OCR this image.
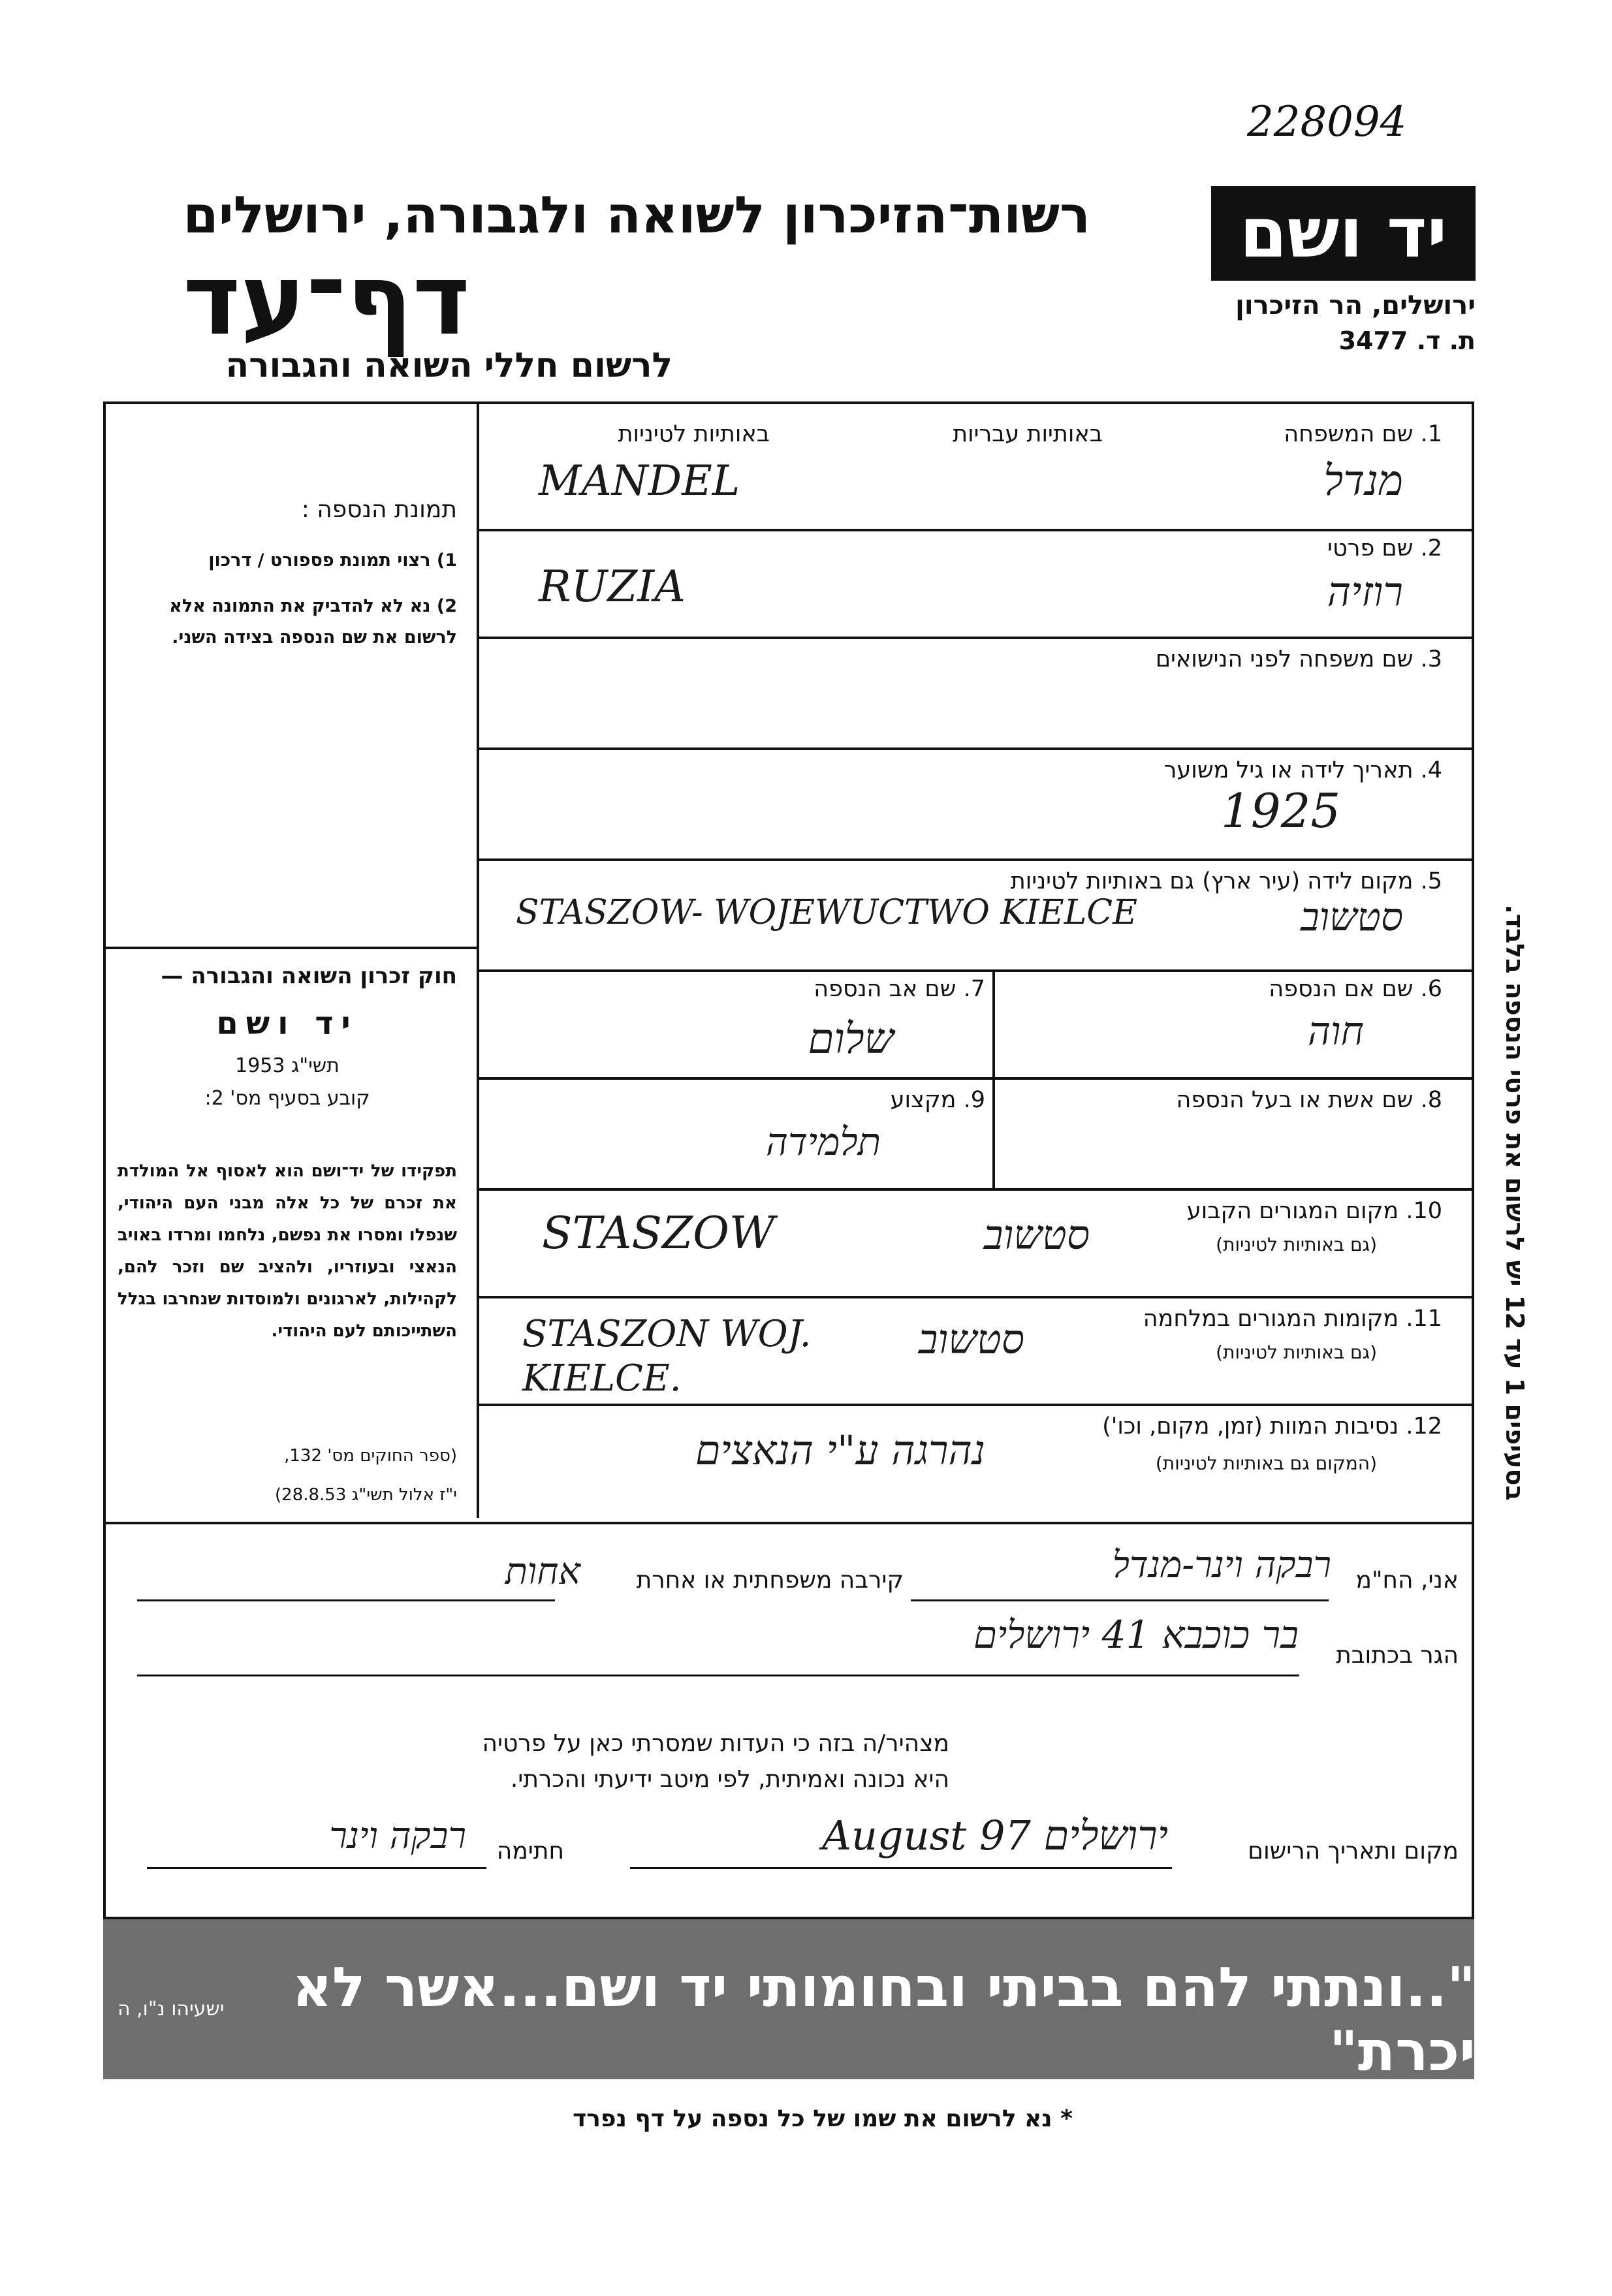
228094
יד ושם
ירושלים, הר הזיכרון
ת. ד. 3477
רשות־הזיכרון לשואה ולגבורה, ירושלים
דף־עד
לרשום חללי השואה והגבורה
1. שם המשפחה
באותיות עבריות
באותיות לטיניות
מנדל
MANDEL
2. שם פרטי
רוזיה
RUZIA
3. שם משפחה לפני הנישואים
4. תאריך לידה או גיל משוער
1925
5. מקום לידה (עיר ארץ)
גם באותיות לטיניות
סטשוב
STASZOW- WOJEWUCTWO KIELCE
6. שם אם הנספה
חוה
7. שם אב הנספה
שלום
8. שם אשת או בעל הנספה
9. מקצוע
תלמידה
10. מקום המגורים הקבוע
(גם באותיות לטיניות)
סטשוב
STASZOW
11. מקומות המגורים במלחמה
(גם באותיות לטיניות)
סטשוב
STASZON WOJ. KIELCE.
12. נסיבות המוות (זמן, מקום, וכו')
(המקום גם באותיות לטיניות)
נהרגה ע"י הנאצים
תמונת הנספה :
1) רצוי תמונת פספורט / דרכון
2) נא לא להדביק את התמונה אלא לרשום את שם הנספה בצידה השני.
חוק זכרון השואה והגבורה —
יד ושם
תשי"ג 1953
קובע בסעיף מס' 2:
תפקידו של יד־ושם הוא לאסוף אל המולדת את זכרם של כל אלה מבני העם היהודי, שנפלו ומסרו את נפשם, נלחמו ומרדו באויב הנאצי ובעוזריו, ולהציב שם וזכר להם, לקהילות, לארגונים ולמוסדות שנחרבו בגלל השתייכותם לעם היהודי.
(ספר החוקים מס' 132,
י"ז אלול תשי"ג 28.8.53)
אני, הח"מ
רבקה וינר-מנדל
קירבה משפחתית או אחרת
אחות
הגר בכתובת
בר כוכבא 41 ירושלים
מצהיר/ה בזה כי העדות שמסרתי כאן על פרטיה
היא נכונה ואמיתית, לפי מיטב ידיעתי והכרתי.
מקום ותאריך הרישום
ירושלים August 97
חתימה
רבקה וינר
"..ונתתי להם בביתי ובחומותי יד ושם...אשר לא יכרת"
ישעיהו נ"ו, ה
* נא לרשום את שמו של כל נספה על דף נפרד
בסעיפים 1 עד 12 יש לרשום את פרטי הנספה בלבד.
